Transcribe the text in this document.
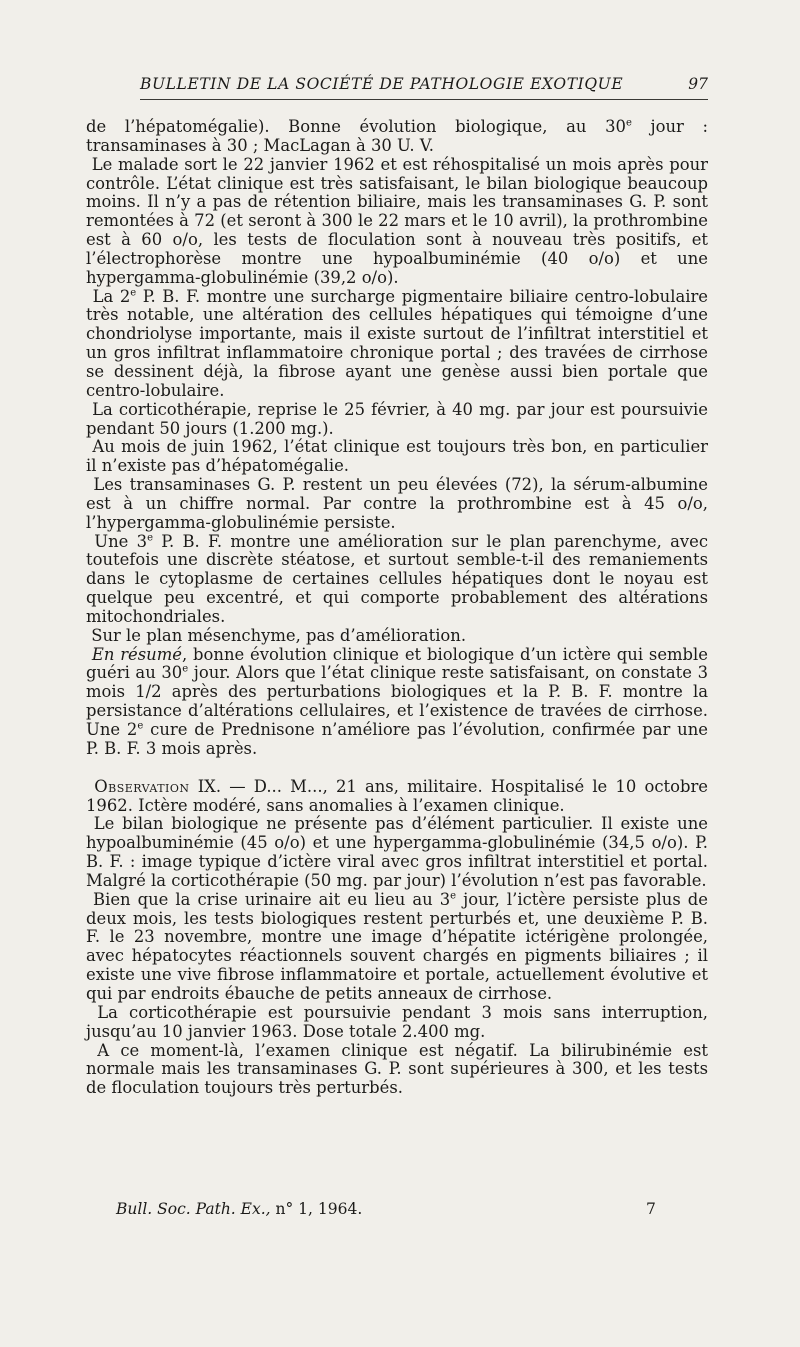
BULLETIN DE LA SOCIÉTÉ DE PATHOLOGIE EXOTIQUE	97

de l’hépatomégalie). Bonne évolution biologique, au 30e jour : transaminases à 30 ; MacLagan à 30 U. V.

Le malade sort le 22 janvier 1962 et est réhospitalisé un mois après pour contrôle. L’état clinique est très satisfaisant, le bilan biologique beaucoup moins. Il n’y a pas de rétention biliaire, mais les transaminases G. P. sont remontées à 72 (et seront à 300 le 22 mars et le 10 avril), la prothrombine est à 60 o/o, les tests de floculation sont à nouveau très positifs, et l’électrophorèse montre une hypoalbuminémie (40 o/o) et une hypergamma-globulinémie (39,2 o/o).

La 2e P. B. F. montre une surcharge pigmentaire biliaire centro-lobulaire très notable, une altération des cellules hépatiques qui témoigne d’une chondriolyse importante, mais il existe surtout de l’infiltrat interstitiel et un gros infiltrat inflammatoire chronique portal ; des travées de cirrhose se dessinent déjà, la fibrose ayant une genèse aussi bien portale que centro-lobulaire.

La corticothérapie, reprise le 25 février, à 40 mg. par jour est poursuivie pendant 50 jours (1.200 mg.).

Au mois de juin 1962, l’état clinique est toujours très bon, en particulier il n’existe pas d’hépatomégalie.

Les transaminases G. P. restent un peu élevées (72), la sérum-albumine est à un chiffre normal. Par contre la prothrombine est à 45 o/o, l’hypergamma-globulinémie persiste.

Une 3e P. B. F. montre une amélioration sur le plan parenchyme, avec toutefois une discrète stéatose, et surtout semble-t-il des remaniements dans le cytoplasme de certaines cellules hépatiques dont le noyau est quelque peu excentré, et qui comporte probablement des altérations mitochondriales.

Sur le plan mésenchyme, pas d’amélioration.

En résumé, bonne évolution clinique et biologique d’un ictère qui semble guéri au 30e jour. Alors que l’état clinique reste satisfaisant, on constate 3 mois 1/2 après des perturbations biologiques et la P. B. F. montre la persistance d’altérations cellulaires, et l’existence de travées de cirrhose. Une 2e cure de Prednisone n’améliore pas l’évolution, confirmée par une P. B. F. 3 mois après.

Observation IX. — D... M..., 21 ans, militaire. Hospitalisé le 10 octobre 1962. Ictère modéré, sans anomalies à l’examen clinique.

Le bilan biologique ne présente pas d’élément particulier. Il existe une hypoalbuminémie (45 o/o) et une hypergamma-globulinémie (34,5 o/o). P. B. F. : image typique d’ictère viral avec gros infiltrat interstitiel et portal. Malgré la corticothérapie (50 mg. par jour) l’évolution n’est pas favorable.

Bien que la crise urinaire ait eu lieu au 3e jour, l’ictère persiste plus de deux mois, les tests biologiques restent perturbés et, une deuxième P. B. F. le 23 novembre, montre une image d’hépatite ictérigène prolongée, avec hépatocytes réactionnels souvent chargés en pigments biliaires ; il existe une vive fibrose inflammatoire et portale, actuellement évolutive et qui par endroits ébauche de petits anneaux de cirrhose.

La corticothérapie est poursuivie pendant 3 mois sans interruption, jusqu’au 10 janvier 1963. Dose totale 2.400 mg.

A ce moment-là, l’examen clinique est négatif. La bilirubinémie est normale mais les transaminases G. P. sont supérieures à 300, et les tests de floculation toujours très perturbés.

Bull. Soc. Path. Ex., n° 1, 1964.	7
